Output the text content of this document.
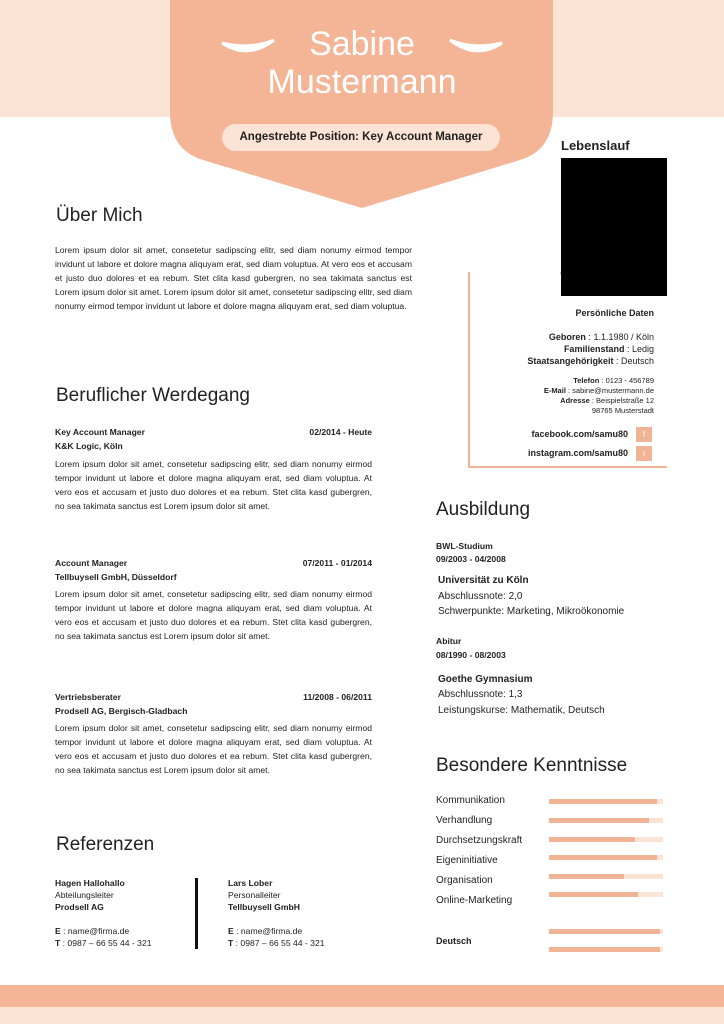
Sabine
Mustermann
Angestrebte Position: Key Account Manager
Lebenslauf
Persönliche Daten
Geboren : 1.1.1980 / Köln
Familienstand : Ledig
Staatsangehörigkeit : Deutsch
Telefon : 0123 - 456789
E-Mail : sabine@mustermann.de
Adresse : Beispielstraße 12
98765 Musterstadt
facebook.com/samu80	f
instagram.com/samu80	i
Über Mich
Lorem ipsum dolor sit amet, consetetur sadipscing elitr, sed diam nonumy eirmod tempor invidunt ut labore et dolore magna aliquyam erat, sed diam voluptua. At vero eos et accusam et justo duo dolores et ea rebum. Stet clita kasd gubergren, no sea takimata sanctus est Lorem ipsum dolor sit amet. Lorem ipsum dolor sit amet, consetetur sadipscing elitr, sed diam nonumy eirmod tempor invidunt ut labore et dolore magna aliquyam erat, sed diam voluptua.
Beruflicher Werdegang
Key Account Manager	02/2014 - Heute
K&K Logic, Köln
Lorem ipsum dolor sit amet, consetetur sadipscing elitr, sed diam nonumy eirmod tempor invidunt ut labore et dolore magna aliquyam erat, sed diam voluptua. At vero eos et accusam et justo duo dolores et ea rebum. Stet clita kasd gubergren, no sea takimata sanctus est Lorem ipsum dolor sit amet.
Account Manager	07/2011 - 01/2014
Tellbuysell GmbH, Düsseldorf
Lorem ipsum dolor sit amet, consetetur sadipscing elitr, sed diam nonumy eirmod tempor invidunt ut labore et dolore magna aliquyam erat, sed diam voluptua. At vero eos et accusam et justo duo dolores et ea rebum. Stet clita kasd gubergren, no sea takimata sanctus est Lorem ipsum dolor sit amet.
Vertriebsberater	11/2008 - 06/2011
Prodsell AG, Bergisch-Gladbach
Lorem ipsum dolor sit amet, consetetur sadipscing elitr, sed diam nonumy eirmod tempor invidunt ut labore et dolore magna aliquyam erat, sed diam voluptua. At vero eos et accusam et justo duo dolores et ea rebum. Stet clita kasd gubergren, no sea takimata sanctus est Lorem ipsum dolor sit amet.
Ausbildung
BWL-Studium
09/2003 - 04/2008
Universität zu Köln
Abschlussnote: 2,0
Schwerpunkte: Marketing, Mikroökonomie
Abitur
08/1990 - 08/2003
Goethe Gymnasium
Abschlussnote: 1,3
Leistungskurse: Mathematik, Deutsch
Besondere Kenntnisse
Kommunikation
Verhandlung
Durchsetzungskraft
Eigeninitiative
Organisation
Online-Marketing
Deutsch
Referenzen
Hagen Hallohallo
Abteilungsleiter
Prodsell AG
E : name@firma.de
T : 0987 – 66 55 44 - 321
Lars Lober
Personalleiter
Tellbuysell GmbH
E : name@firma.de
T : 0987 – 66 55 44 - 321
